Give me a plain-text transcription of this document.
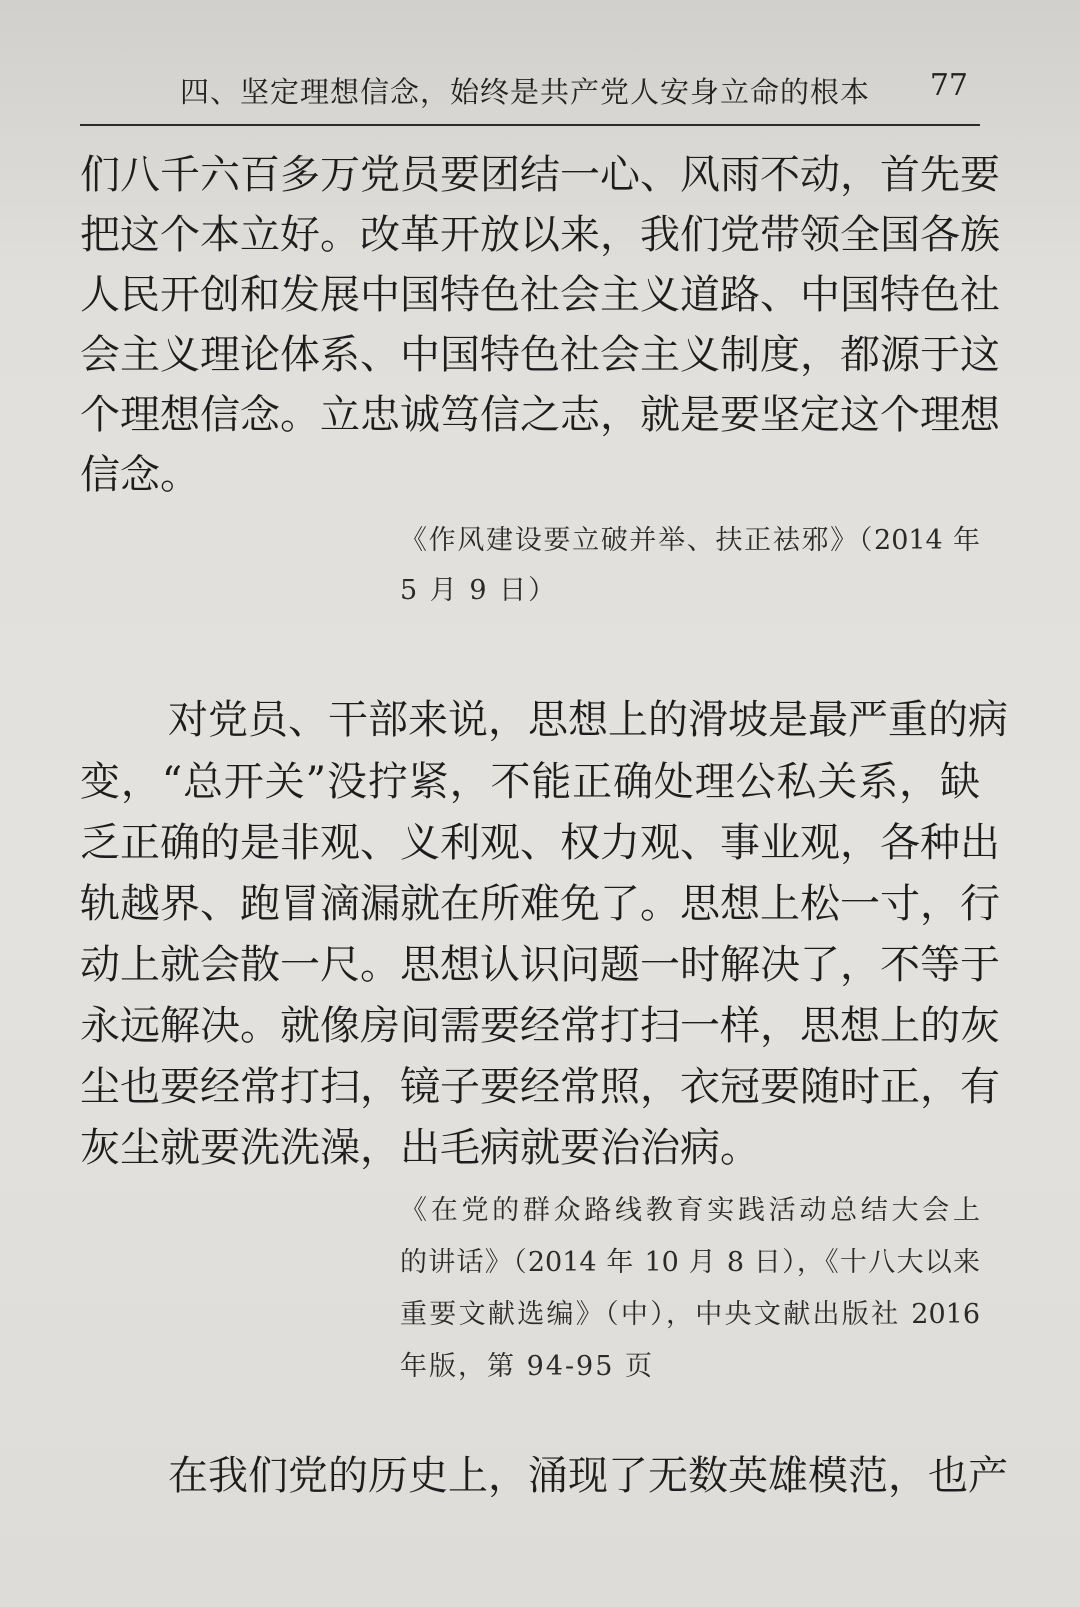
四、坚定理想信念，始终是共产党人安身立命的根本 77
们八千六百多万党员要团结一心、风雨不动，首先要
把这个本立好。改革开放以来，我们党带领全国各族
人民开创和发展中国特色社会主义道路、中国特色社
会主义理论体系、中国特色社会主义制度，都源于这
个理想信念。立忠诚笃信之志，就是要坚定这个理想
信念。
《作风建设要立破并举、扶正祛邪》（2014 年
5 月 9 日）
对党员、干部来说，思想上的滑坡是最严重的病
变，“总开关”没拧紧，不能正确处理公私关系，缺
乏正确的是非观、义利观、权力观、事业观，各种出
轨越界、跑冒滴漏就在所难免了。思想上松一寸，行
动上就会散一尺。思想认识问题一时解决了，不等于
永远解决。就像房间需要经常打扫一样，思想上的灰
尘也要经常打扫，镜子要经常照，衣冠要随时正，有
灰尘就要洗洗澡，出毛病就要治治病。
《在党的群众路线教育实践活动总结大会上
的讲话》（2014 年 10 月 8 日），《十八大以来
重要文献选编》（中），中央文献出版社 2016
年版，第 94-95 页
在我们党的历史上，涌现了无数英雄模范，也产
